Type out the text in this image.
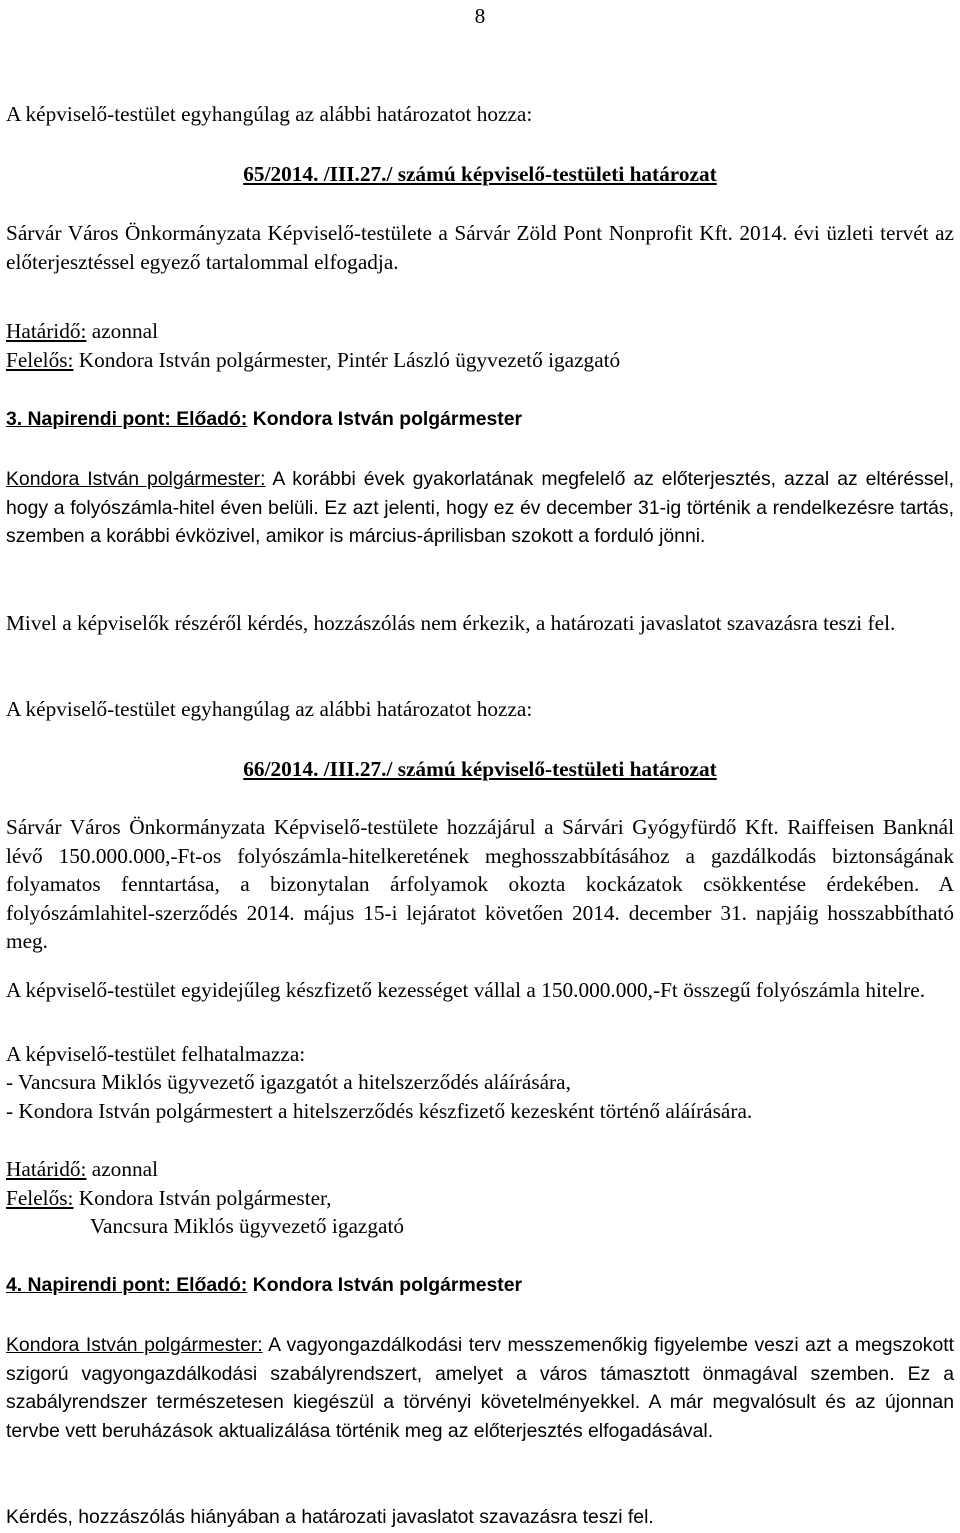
8

A képviselő-testület egyhangúlag az alábbi határozatot hozza:

65/2014. /III.27./ számú képviselő-testületi határozat

Sárvár Város Önkormányzata Képviselő-testülete a Sárvár Zöld Pont Nonprofit Kft. 2014. évi üzleti tervét az előterjesztéssel egyező tartalommal elfogadja.

Határidő: azonnal

Felelős: Kondora István polgármester, Pintér László ügyvezető igazgató

3. Napirendi pont: Előadó: Kondora István polgármester

Kondora István polgármester: A korábbi évek gyakorlatának megfelelő az előterjesztés, azzal az eltéréssel, hogy a folyószámla-hitel éven belüli. Ez azt jelenti, hogy ez év december 31-ig történik a rendelkezésre tartás, szemben a korábbi évközivel, amikor is március-áprilisban szokott a forduló jönni.

Mivel a képviselők részéről kérdés, hozzászólás nem érkezik, a határozati javaslatot szavazásra teszi fel.

A képviselő-testület egyhangúlag az alábbi határozatot hozza:

66/2014. /III.27./ számú képviselő-testületi határozat

Sárvár Város Önkormányzata Képviselő-testülete hozzájárul a Sárvári Gyógyfürdő Kft. Raiffeisen Banknál lévő 150.000.000,-Ft-os folyószámla-hitelkeretének meghosszabbításához a gazdálkodás biztonságának folyamatos fenntartása, a bizonytalan árfolyamok okozta kockázatok csökkentése érdekében. A folyószámlahitel-szerződés 2014. május 15-i lejáratot követően 2014. december 31. napjáig hosszabbítható meg.

A képviselő-testület egyidejűleg készfizető kezességet vállal a 150.000.000,-Ft összegű folyószámla hitelre.

A képviselő-testület felhatalmazza:

- Vancsura Miklós ügyvezető igazgatót a hitelszerződés aláírására,

- Kondora István polgármestert a hitelszerződés készfizető kezesként történő aláírására.

Határidő: azonnal

Felelős: Kondora István polgármester,

Vancsura Miklós ügyvezető igazgató

4. Napirendi pont: Előadó: Kondora István polgármester

Kondora István polgármester: A vagyongazdálkodási terv messzemenőkig figyelembe veszi azt a megszokott szigorú vagyongazdálkodási szabályrendszert, amelyet a város támasztott önmagával szemben. Ez a szabályrendszer természetesen kiegészül a törvényi követelményekkel. A már megvalósult és az újonnan tervbe vett beruházások aktualizálása történik meg az előterjesztés elfogadásával.

Kérdés, hozzászólás hiányában a határozati javaslatot szavazásra teszi fel.
